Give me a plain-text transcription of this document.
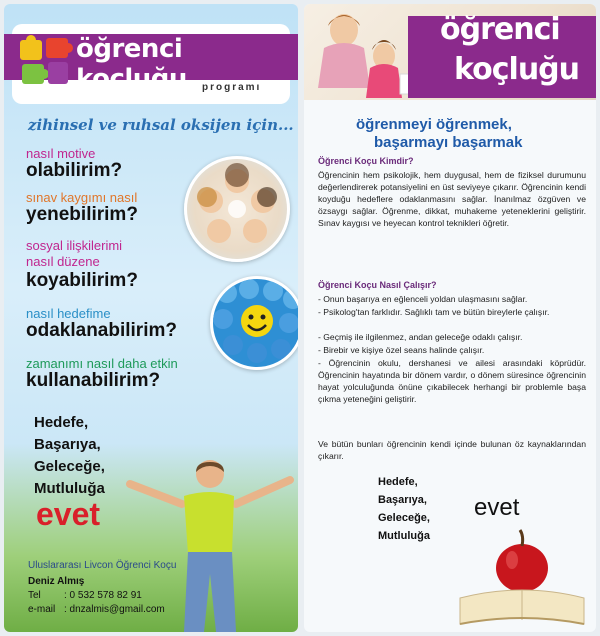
öğrenci koçluğu	programı
zihinsel ve ruhsal oksijen için...
nasıl motive
olabilirim?
sınav kaygımı nasıl
yenebilirim?
sosyal ilişkilerimi
nasıl düzene
koyabilirim?
nasıl hedefime
odaklanabilirim?
zamanımı nasıl daha etkin
kullanabilirim?
Hedefe,
Başarıya,
Geleceğe,
Mutluluğa
evet
Uluslararası Livcon Öğrenci Koçu
Deniz Almış
Tel : 0 532 578 82 91
e-mail : dnzalmis@gmail.com
öğrenci
koçluğu
öğrenmeyi öğrenmek,
başarmayı başarmak
Öğrenci Koçu Kimdir?
Öğrencinin hem psikolojik, hem duygusal, hem de fiziksel durumunu değerlendirerek potansiyelini en üst seviyeye çıkarır. Öğrencinin kendi koyduğu hedeflere odaklanmasını sağlar. İnanılmaz özgüven ve özsaygı sağlar. Öğrenme, dikkat, muhakeme yeteneklerini geliştirir. Sınav kaygısı ve heyecan kontrol teknikleri öğretir.
Öğrenci Koçu Nasıl Çalışır?
- Onun başarıya en eğlenceli yoldan ulaşmasını sağlar.
- Psikolog'tan farklıdır. Sağlıklı tam ve bütün bireylerle çalışır.
- Geçmiş ile ilgilenmez, andan geleceğe odaklı çalışır.
- Birebir ve kişiye özel seans halinde çalışır.
- Öğrencinin okulu, dershanesi ve ailesi arasındaki köprüdür. Öğrencinin hayatında bir dönem vardır, o dönem süresince öğrencinin hayat yolculuğunda önüne çıkabilecek herhangi bir problemle başa çıkma yeteneğini geliştirir.
Ve bütün bunları öğrencinin kendi içinde bulunan öz kaynaklarından çıkarır.
Hedefe,
Başarıya,
Geleceğe,
Mutluluğa
evet
